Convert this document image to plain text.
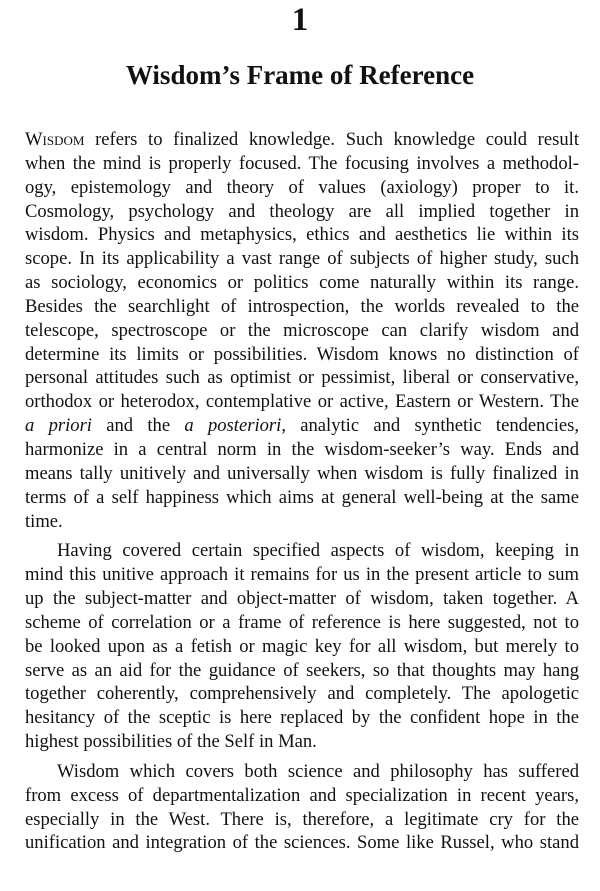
1
Wisdom’s Frame of Reference
Wisdom refers to finalized knowledge. Such knowledge could result
when the mind is properly focused. The focusing involves a methodol-
ogy, epistemology and theory of values (axiology) proper to it.
Cosmology, psychology and theology are all implied together in
wisdom. Physics and metaphysics, ethics and aesthetics lie within its
scope. In its applicability a vast range of subjects of higher study, such
as sociology, economics or politics come naturally within its range.
Besides the searchlight of introspection, the worlds revealed to the
telescope, spectroscope or the microscope can clarify wisdom and
determine its limits or possibilities. Wisdom knows no distinction of
personal attitudes such as optimist or pessimist, liberal or conservative,
orthodox or heterodox, contemplative or active, Eastern or Western. The
a priori and the a posteriori, analytic and synthetic tendencies,
harmonize in a central norm in the wisdom-seeker’s way. Ends and
means tally unitively and universally when wisdom is fully finalized in
terms of a self happiness which aims at general well-being at the same
time.
Having covered certain specified aspects of wisdom, keeping in
mind this unitive approach it remains for us in the present article to sum
up the subject-matter and object-matter of wisdom, taken together. A
scheme of correlation or a frame of reference is here suggested, not to
be looked upon as a fetish or magic key for all wisdom, but merely to
serve as an aid for the guidance of seekers, so that thoughts may hang
together coherently, comprehensively and completely. The apologetic
hesitancy of the sceptic is here replaced by the confident hope in the
highest possibilities of the Self in Man.
Wisdom which covers both science and philosophy has suffered
from excess of departmentalization and specialization in recent years,
especially in the West. There is, therefore, a legitimate cry for the
unification and integration of the sciences. Some like Russel, who stand
